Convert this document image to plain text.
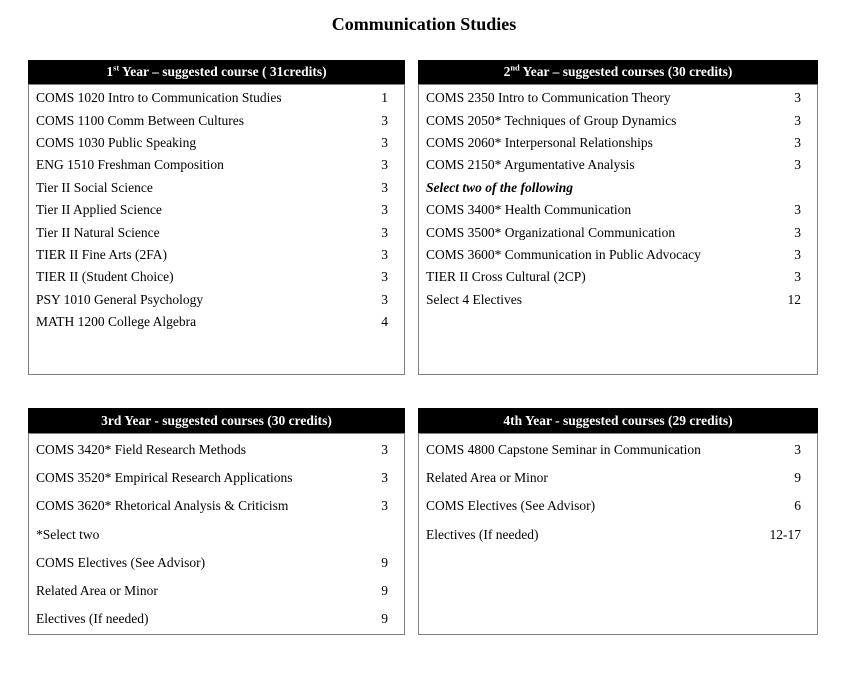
Communication Studies
1st Year – suggested course ( 31credits)
COMS 1020 Intro to Communication Studies	1
COMS 1100 Comm Between Cultures	3
COMS 1030 Public Speaking	3
ENG 1510 Freshman Composition	3
Tier II Social Science	3
Tier II Applied Science	3
Tier II Natural Science	3
TIER II Fine Arts (2FA)	3
TIER II (Student Choice)	3
PSY 1010 General Psychology	3
MATH 1200 College Algebra	4
2nd Year – suggested courses (30 credits)
COMS 2350 Intro to Communication Theory	3
COMS 2050* Techniques of Group Dynamics	3
COMS 2060* Interpersonal Relationships	3
COMS 2150* Argumentative Analysis	3
Select two of the following
COMS 3400* Health Communication	3
COMS 3500* Organizational Communication	3
COMS 3600* Communication in Public Advocacy	3
TIER II Cross Cultural (2CP)	3
Select 4 Electives	12
3rd Year - suggested courses (30 credits)
COMS 3420* Field Research Methods	3
COMS 3520* Empirical Research Applications	3
COMS 3620* Rhetorical Analysis & Criticism	3
*Select two
COMS Electives (See Advisor)	9
Related Area or Minor	9
Electives (If needed)	9
4th Year - suggested courses (29 credits)
COMS 4800 Capstone Seminar in Communication	3
Related Area or Minor	9
COMS Electives (See Advisor)	6
Electives (If needed)	12-17
